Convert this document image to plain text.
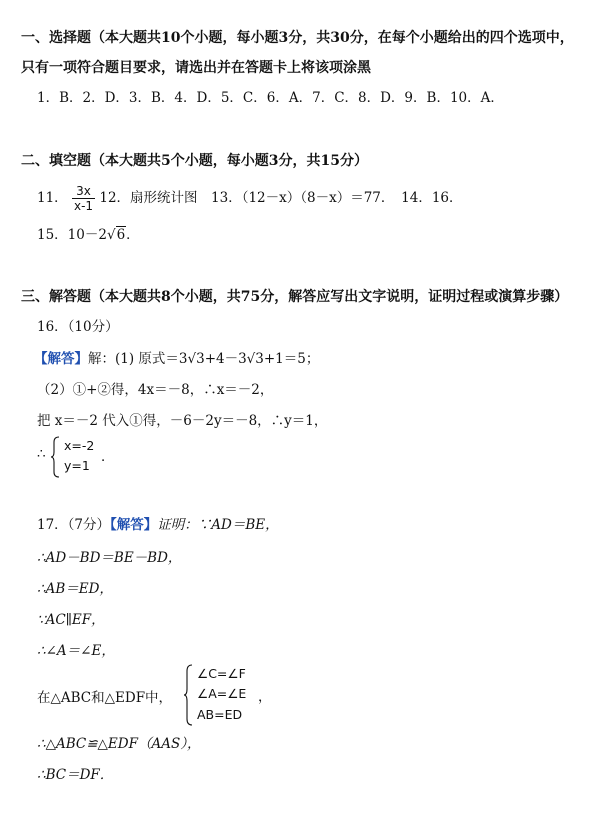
一、选择题（本大题共10个小题，每小题3分，共30分，在每个小题给出的四个选项中，
只有一项符合题目要求，请选出并在答题卡上将该项涂黑
1．B．2．D．3．B．4．D．5．C．6．A．7．C．8．D．9．B．10．A．
二、填空题（本大题共5个小题，每小题3分，共15分）
11． $\frac{3x}{x-1} 12$．扇形统计图　13．（12－x）（8－x）＝77．　14．16．
15．10－2√6．
三、解答题（本大题共8个小题，共75分，解答应写出文字说明，证明过程或演算步骤）
16．（10分）
【解答】解：(1) 原式＝3√3+4－3√3+1＝5；
（2）①+②得，4x＝－8，∴x＝－2，
把 x＝－2 代入①得，－6－2y＝－8，∴y＝1，
∴
x=-2
y=1
．
17．（7分）【解答】证明：∵AD＝BE，
∴AD－BD＝BE－BD，
∴AB＝ED，
∵AC∥EF，
∴∠A＝∠E，
在△ABC和△EDF中，
∠C=∠F
∠A=∠E
AB=ED
，
∴△ABC≌△EDF（AAS），
∴BC＝DF．
